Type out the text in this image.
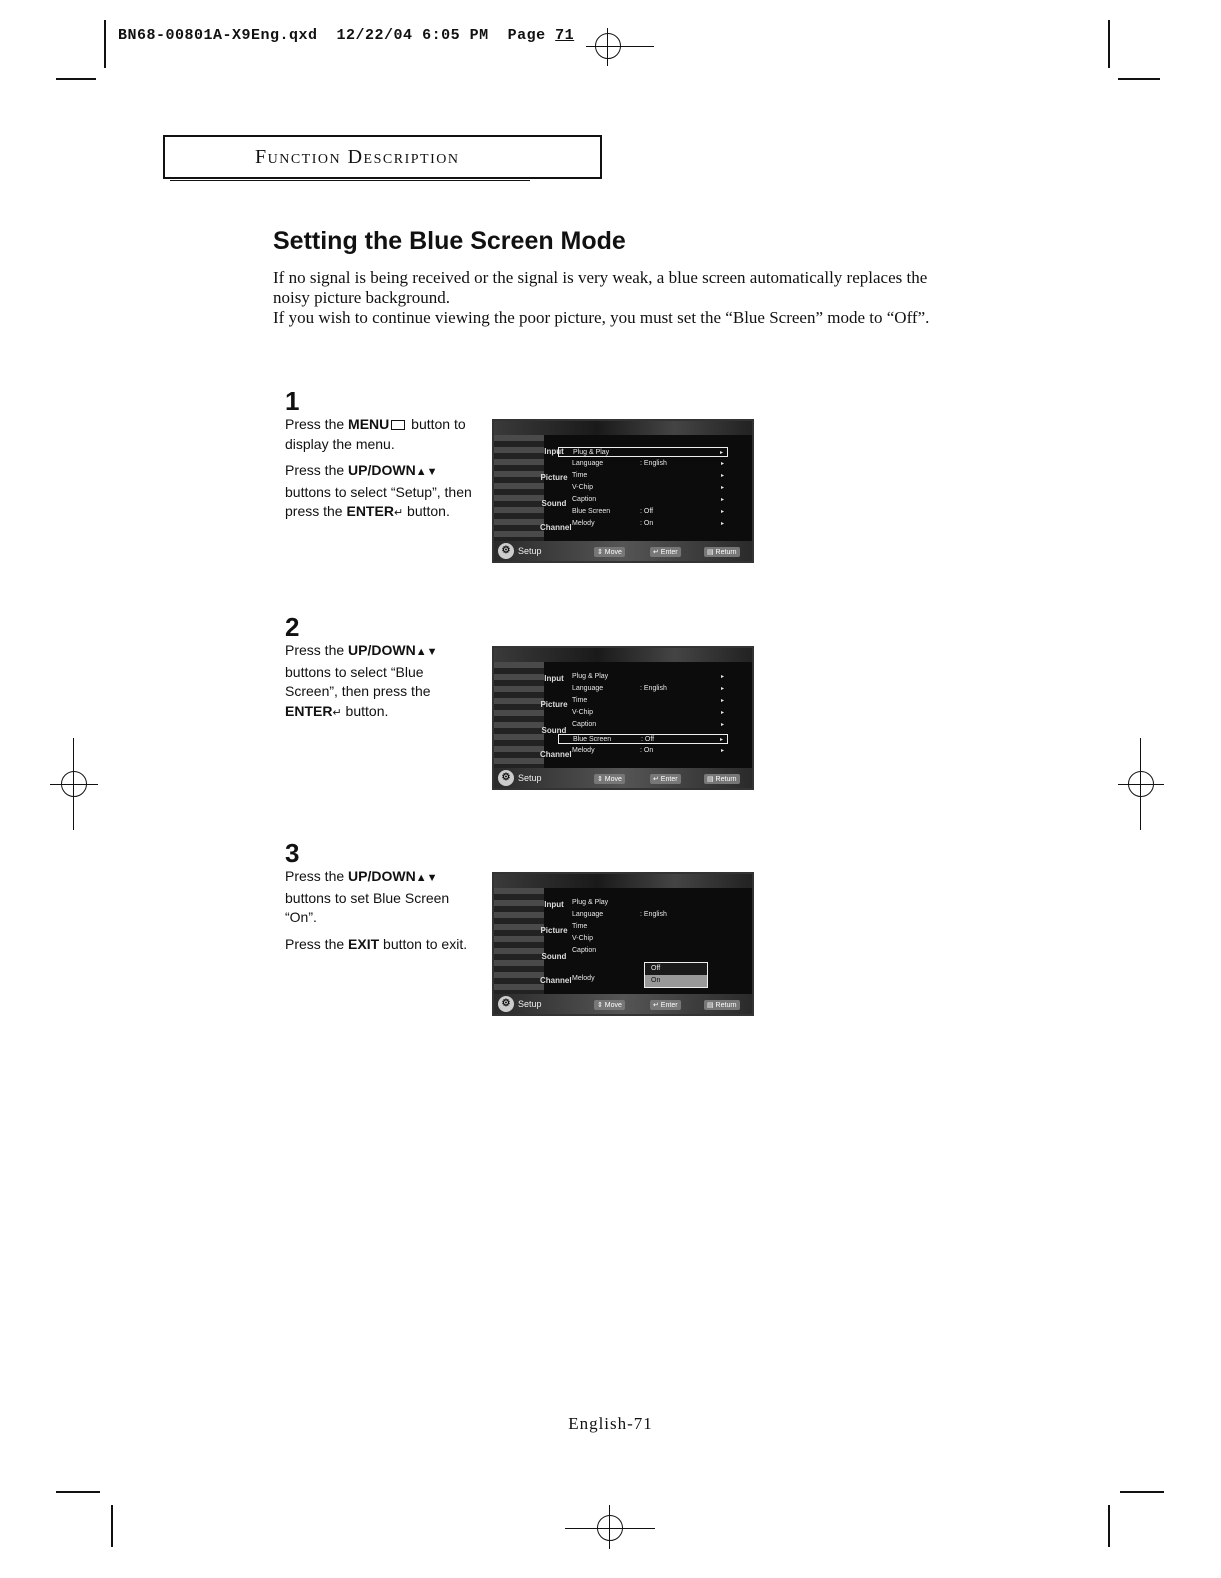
BN68-00801A-X9Eng.qxd 12/22/04 6:05 PM Page 71
Function Description
Setting the Blue Screen Mode

If no signal is being received or the signal is very weak, a blue screen automatically replaces the noisy picture background.

If you wish to continue viewing the poor picture, you must set the “Blue Screen” mode to “Off”.

1

Press the MENU button to display the menu.

Press the UP/DOWN▲▼ buttons to select “Setup”, then press the ENTER↵ button.

Input
Picture
Sound
Channel
Plug & Play	▸
Language	: English	▸
Time	▸
V-Chip	▸
Caption	▸
Blue Screen	: Off	▸
Melody	: On	▸
⚙ Setup	⇕ Move	↵ Enter	▤ Return
2

Press the UP/DOWN▲▼ buttons to select “Blue Screen”, then press the ENTER↵ button.

Input
Picture
Sound
Channel
Plug & Play	▸
Language	: English	▸
Time	▸
V-Chip	▸
Caption	▸
Blue Screen	: Off	▸
Melody	: On	▸
⚙ Setup	⇕ Move	↵ Enter	▤ Return
3

Press the UP/DOWN▲▼ buttons to set Blue Screen “On”.

Press the EXIT button to exit.

Input
Picture
Sound
Channel
Plug & Play
Language	: English
Time
V-Chip
Caption
Melody
Off
On
⚙ Setup	⇕ Move	↵ Enter	▤ Return
English-71
